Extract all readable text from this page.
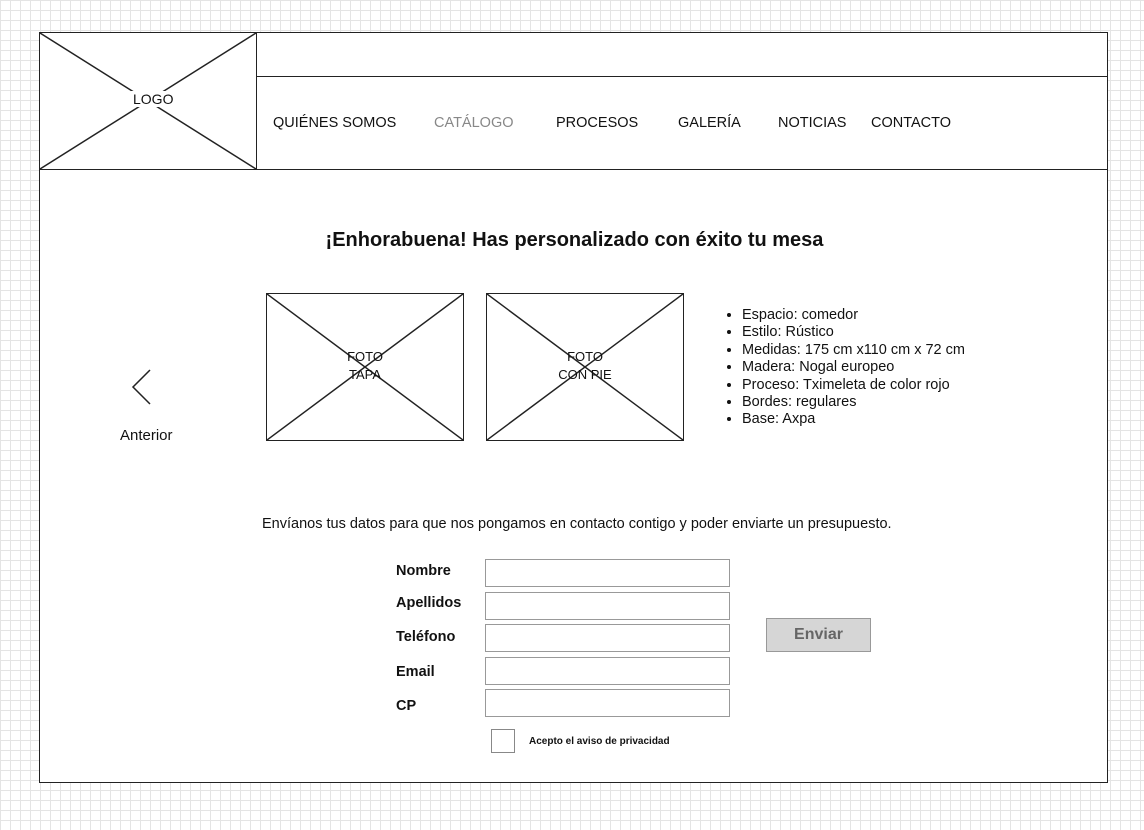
LOGO
QUIÉNES SOMOS	CATÁLOGO	PROCESOS	GALERÍA	NOTICIAS CONTACTO
¡Enhorabuena! Has personalizado con éxito tu mesa
Anterior
FOTO
TAPA
FOTO
CON PIE
• Espacio: comedor
• Estilo: Rústico
• Medidas: 175 cm x110 cm x 72 cm
• Madera: Nogal europeo
• Proceso: Tximeleta de color rojo
• Bordes: regulares
• Base: Axpa

Envíanos tus datos para que nos pongamos en contacto contigo y poder enviarte un presupuesto.

Nombre
Apellidos
Teléfono
Email
CP
Enviar
Acepto el aviso de privacidad
